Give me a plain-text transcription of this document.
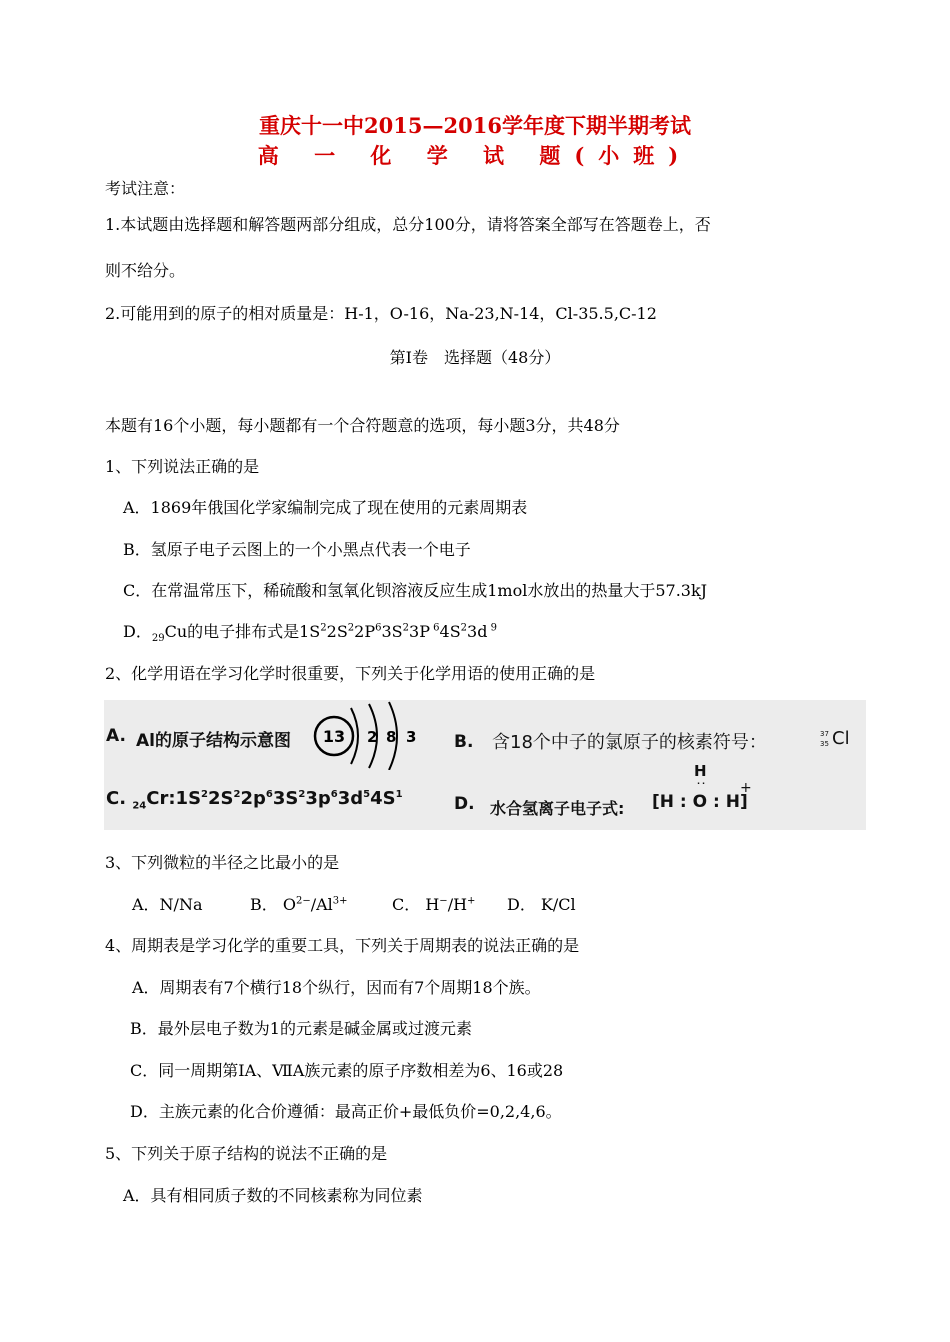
重庆十一中2015—2016学年度下期半期考试
高 一 化 学 试 题(小班)
考试注意：
1.本试题由选择题和解答题两部分组成，总分100分，请将答案全部写在答题卷上，否
则不给分。
2.可能用到的原子的相对质量是：H-1，O-16，Na-23,N-14，Cl-35.5,C-12
第Ⅰ卷　选择题（48分）
本题有16个小题，每小题都有一个合符题意的选项，每小题3分，共48分
1、下列说法正确的是
A．1869年俄国化学家编制完成了现在使用的元素周期表
B．氢原子电子云图上的一个小黑点代表一个电子
C．在常温常压下，稀硫酸和氢氧化钡溶液反应生成1mol水放出的热量大于57.3kJ
D．$_{29}$Cu的电子排布式是$1S^22S^22P^63S^23P$ $^64S^23d$ $^9$
2、化学用语在学习化学时很重要，下列关于化学用语的使用正确的是
A. Al的原子结构示意图 13 2 8 3 B. 含18个中子的氯原子的核素符号：	37
35 Cl
C. $_{24}Cr:1S^22S^22p^63S^23p^63d^54S^1$	D. 水合氢离子电子式:
H
··
[H : O : H]
+
3、下列微粒的半径之比最小的是
A．N/Na	B． $O^{2-}/Al^{3+}$	C． H−/H+ D． K/Cl
4、周期表是学习化学的重要工具，下列关于周期表的说法正确的是
A．周期表有7个横行18个纵行，因而有7个周期18个族。
B．最外层电子数为1的元素是碱金属或过渡元素
C．同一周期第ⅠA、ⅦA族元素的原子序数相差为6、16或28
D．主族元素的化合价遵循：最高正价+最低负价=0,2,4,6。
5、下列关于原子结构的说法不正确的是
A．具有相同质子数的不同核素称为同位素
